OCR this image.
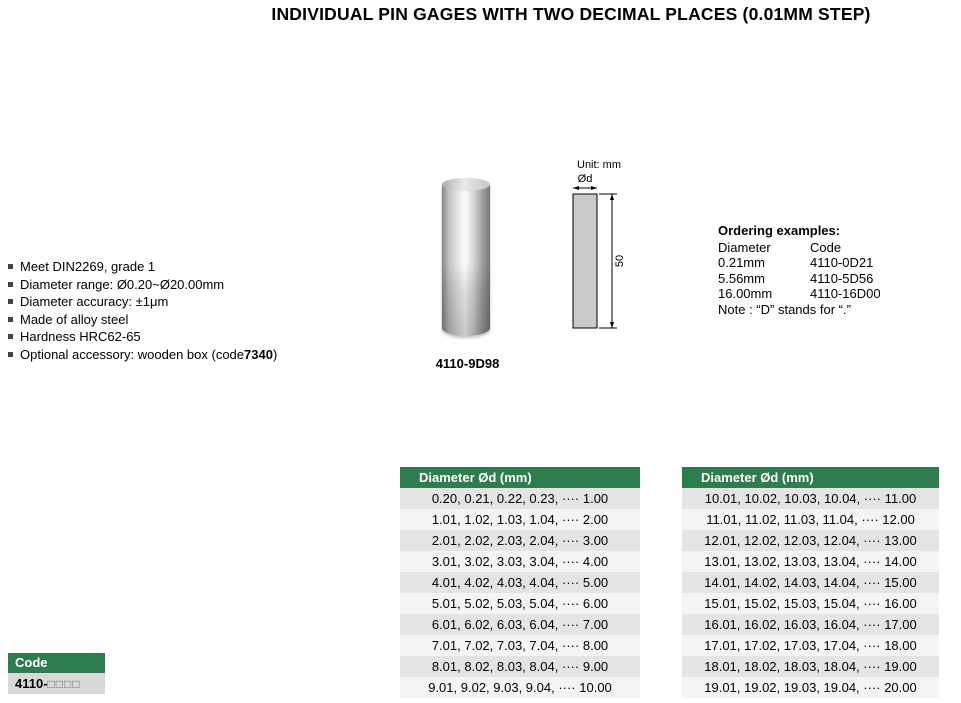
INDIVIDUAL PIN GAGES WITH TWO DECIMAL PLACES (0.01MM STEP)
Meet DIN2269, grade 1
Diameter range: Ø0.20~Ø20.00mm
Diameter accuracy: ±1μm
Made of alloy steel
Hardness HRC62-65
Optional accessory: wooden box (code 7340 )
4110-9D98
Unit: mm
Ød
50
Ordering examples:
Diameter	Code
0.21mm	4110-0D21
5.56mm	4110-5D56
16.00mm	4110-16D00
Note : “D” stands for “.”
Diameter Ød (mm)
0.20, 0.21, 0.22, 0.23, ···· 1.00
1.01, 1.02, 1.03, 1.04, ···· 2.00
2.01, 2.02, 2.03, 2.04, ···· 3.00
3.01, 3.02, 3.03, 3.04, ···· 4.00
4.01, 4.02, 4.03, 4.04, ···· 5.00
5.01, 5.02, 5.03, 5.04, ···· 6.00
6.01, 6.02, 6.03, 6.04, ···· 7.00
7.01, 7.02, 7.03, 7.04, ···· 8.00
8.01, 8.02, 8.03, 8.04, ···· 9.00
9.01, 9.02, 9.03, 9.04, ···· 10.00
Diameter Ød (mm)
10.01, 10.02, 10.03, 10.04, ···· 11.00
11.01, 11.02, 11.03, 11.04, ···· 12.00
12.01, 12.02, 12.03, 12.04, ···· 13.00
13.01, 13.02, 13.03, 13.04, ···· 14.00
14.01, 14.02, 14.03, 14.04, ···· 15.00
15.01, 15.02, 15.03, 15.04, ···· 16.00
16.01, 16.02, 16.03, 16.04, ···· 17.00
17.01, 17.02, 17.03, 17.04, ···· 18.00
18.01, 18.02, 18.03, 18.04, ···· 19.00
19.01, 19.02, 19.03, 19.04, ···· 20.00
Code
4110-□□□□
